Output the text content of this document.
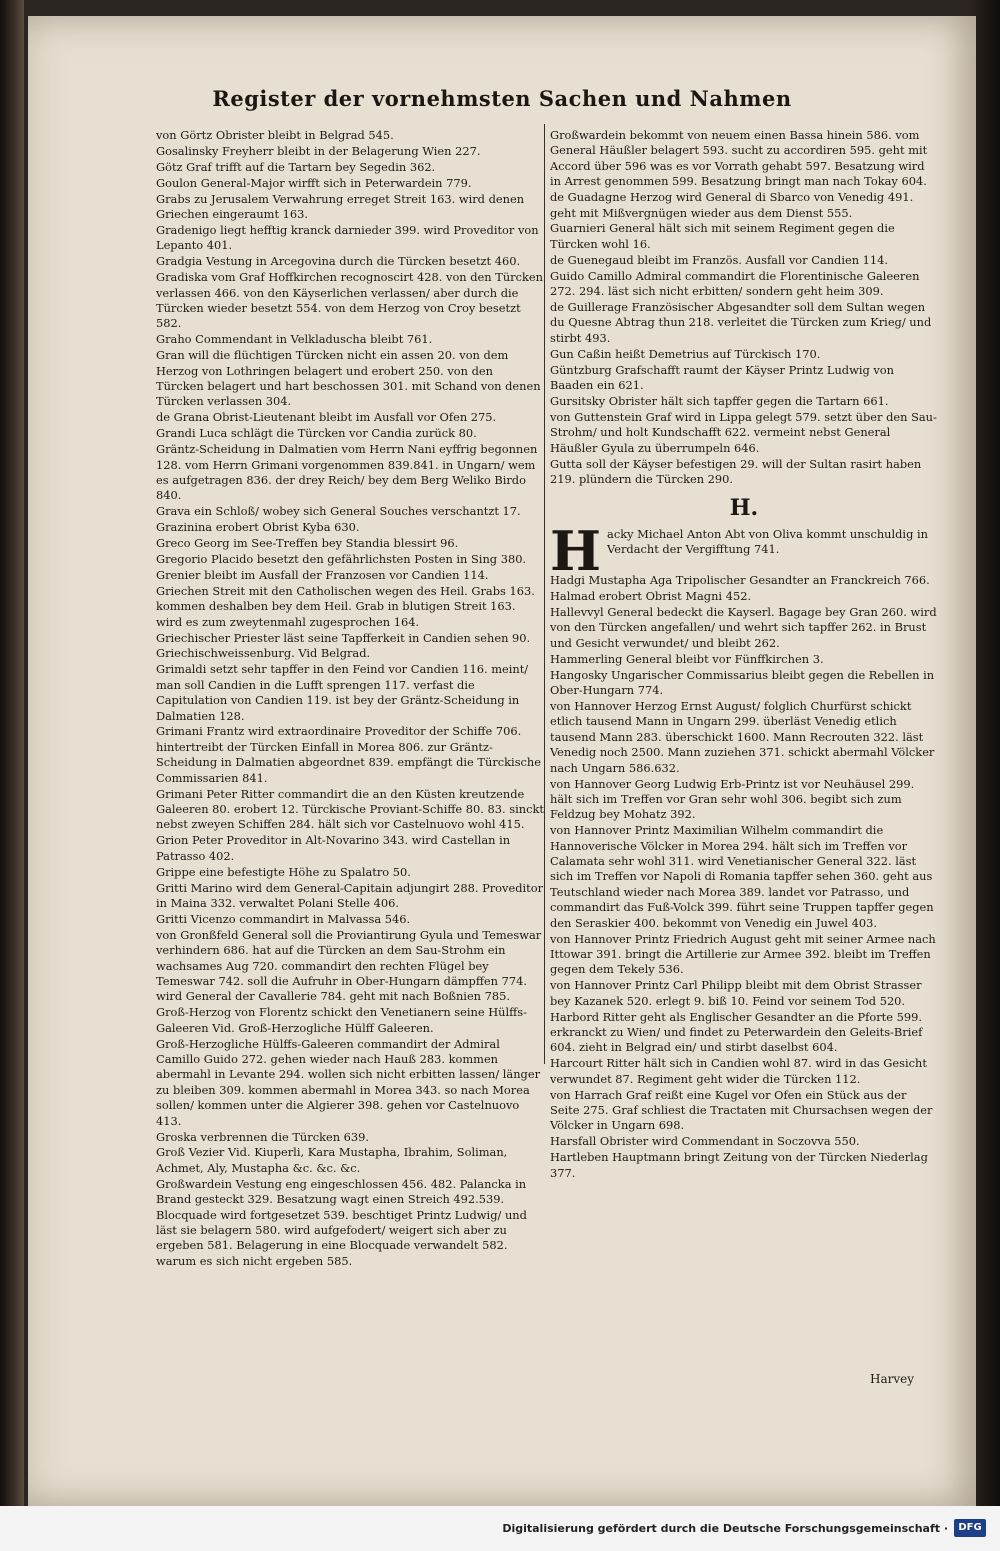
Register der vornehmsten Sachen und Nahmen
von Görtz Obrister bleibt in Belgrad 545.
Gosalinsky Freyherr bleibt in der Belagerung Wien 227.
Götz Graf trifft auf die Tartarn bey Segedin 362.
Goulon General-Major wirfft sich in Peterwardein 779.
Grabs zu Jerusalem Verwahrung erreget Streit 163. wird denen Griechen eingeraumt 163.
Gradenigo liegt hefftig kranck darnieder 399. wird Proveditor von Lepanto 401.
Gradgia Vestung in Arcegovina durch die Türcken besetzt 460.
Gradiska vom Graf Hoffkirchen recognoscirt 428. von den Türcken verlassen 466. von den Käyserlichen verlassen/ aber durch die Türcken wieder besetzt 554. von dem Herzog von Croy besetzt 582.
Graho Commendant in Velkladuscha bleibt 761.
Gran will die flüchtigen Türcken nicht ein assen 20. von dem Herzog von Lothringen belagert und erobert 250. von den Türcken belagert und hart beschossen 301. mit Schand von denen Türcken verlassen 304.
de Grana Obrist-Lieutenant bleibt im Ausfall vor Ofen 275.
Grandi Luca schlägt die Türcken vor Candia zurück 80.
Gräntz-Scheidung in Dalmatien vom Herrn Nani eyffrig begonnen 128. vom Herrn Grimani vorgenommen 839.841. in Ungarn/ wem es aufgetragen 836. der drey Reich/ bey dem Berg Weliko Birdo 840.
Grava ein Schloß/ wobey sich General Souches verschantzt 17.
Grazinina erobert Obrist Kyba 630.
Greco Georg im See-Treffen bey Standia blessirt 96.
Gregorio Placido besetzt den gefährlichsten Posten in Sing 380.
Grenier bleibt im Ausfall der Franzosen vor Candien 114.
Griechen Streit mit den Catholischen wegen des Heil. Grabs 163. kommen deshalben bey dem Heil. Grab in blutigen Streit 163. wird es zum zweytenmahl zugesprochen 164.
Griechischer Priester läst seine Tapfferkeit in Candien sehen 90.
Griechischweissenburg. Vid Belgrad.
Grimaldi setzt sehr tapffer in den Feind vor Candien 116. meint/ man soll Candien in die Lufft sprengen 117. verfast die Capitulation von Candien 119. ist bey der Gräntz-Scheidung in Dalmatien 128.
Grimani Frantz wird extraordinaire Proveditor der Schiffe 706. hintertreibt der Türcken Einfall in Morea 806. zur Gräntz-Scheidung in Dalmatien abgeordnet 839. empfängt die Türckische Commissarien 841.
Grimani Peter Ritter commandirt die an den Küsten kreutzende Galeeren 80. erobert 12. Türckische Proviant-Schiffe 80. 83. sinckt nebst zweyen Schiffen 284. hält sich vor Castelnuovo wohl 415.
Grion Peter Proveditor in Alt-Novarino 343. wird Castellan in Patrasso 402.
Grippe eine befestigte Höhe zu Spalatro 50.
Gritti Marino wird dem General-Capitain adjungirt 288. Proveditor in Maina 332. verwaltet Polani Stelle 406.
Gritti Vicenzo commandirt in Malvassa 546.
von Gronßfeld General soll die Proviantirung Gyula und Temeswar verhindern 686. hat auf die Türcken an dem Sau-Strohm ein wachsames Aug 720. commandirt den rechten Flügel bey Temeswar 742. soll die Aufruhr in Ober-Hungarn dämpffen 774. wird General der Cavallerie 784. geht mit nach Boßnien 785.
Groß-Herzog von Florentz schickt den Venetianern seine Hülffs-Galeeren Vid. Groß-Herzogliche Hülff Galeeren.
Groß-Herzogliche Hülffs-Galeeren commandirt der Admiral Camillo Guido 272. gehen wieder nach Hauß 283. kommen abermahl in Levante 294. wollen sich nicht erbitten lassen/ länger zu bleiben 309. kommen abermahl in Morea 343. so nach Morea sollen/ kommen unter die Algierer 398. gehen vor Castelnuovo 413.
Groska verbrennen die Türcken 639.
Groß Vezier Vid. Kiuperli, Kara Mustapha, Ibrahim, Soliman, Achmet, Aly, Mustapha &c. &c. &c.
Großwardein Vestung eng eingeschlossen 456. 482. Palancka in Brand gesteckt 329. Besatzung wagt einen Streich 492.539. Blocquade wird fortgesetzet 539. beschtiget Printz Ludwig/ und läst sie belagern 580. wird aufgefodert/ weigert sich aber zu ergeben 581. Belagerung in eine Blocquade verwandelt 582. warum es sich nicht ergeben 585.
Großwardein bekommt von neuem einen Bassa hinein 586. vom General Häußler belagert 593. sucht zu accordiren 595. geht mit Accord über 596 was es vor Vorrath gehabt 597. Besatzung wird in Arrest genommen 599. Besatzung bringt man nach Tokay 604.
de Guadagne Herzog wird General di Sbarco von Venedig 491. geht mit Mißvergnügen wieder aus dem Dienst 555.
Guarnieri General hält sich mit seinem Regiment gegen die Türcken wohl 16.
de Guenegaud bleibt im Französ. Ausfall vor Candien 114.
Guido Camillo Admiral commandirt die Florentinische Galeeren 272. 294. läst sich nicht erbitten/ sondern geht heim 309.
de Guillerage Französischer Abgesandter soll dem Sultan wegen du Quesne Abtrag thun 218. verleitet die Türcken zum Krieg/ und stirbt 493.
Gun Caßin heißt Demetrius auf Türckisch 170.
Güntzburg Grafschafft raumt der Käyser Printz Ludwig von Baaden ein 621.
Gursitsky Obrister hält sich tapffer gegen die Tartarn 661.
von Guttenstein Graf wird in Lippa gelegt 579. setzt über den Sau-Strohm/ und holt Kundschafft 622. vermeint nebst General Häußler Gyula zu überrumpeln 646.
Gutta soll der Käyser befestigen 29. will der Sultan rasirt haben 219. plündern die Türcken 290.
H.
H acky Michael Anton Abt von Oliva kommt unschuldig in Verdacht der Vergifftung 741.
Hadgi Mustapha Aga Tripolischer Gesandter an Franckreich 766.
Halmad erobert Obrist Magni 452.
Hallevvyl General bedeckt die Kayserl. Bagage bey Gran 260. wird von den Türcken angefallen/ und wehrt sich tapffer 262. in Brust und Gesicht verwundet/ und bleibt 262.
Hammerling General bleibt vor Fünffkirchen 3.
Hangosky Ungarischer Commissarius bleibt gegen die Rebellen in Ober-Hungarn 774.
von Hannover Herzog Ernst August/ folglich Churfürst schickt etlich tausend Mann in Ungarn 299. überläst Venedig etlich tausend Mann 283. überschickt 1600. Mann Recrouten 322. läst Venedig noch 2500. Mann zuziehen 371. schickt abermahl Völcker nach Ungarn 586.632.
von Hannover Georg Ludwig Erb-Printz ist vor Neuhäusel 299. hält sich im Treffen vor Gran sehr wohl 306. begibt sich zum Feldzug bey Mohatz 392.
von Hannover Printz Maximilian Wilhelm commandirt die Hannoverische Völcker in Morea 294. hält sich im Treffen vor Calamata sehr wohl 311. wird Venetianischer General 322. läst sich im Treffen vor Napoli di Romania tapffer sehen 360. geht aus Teutschland wieder nach Morea 389. landet vor Patrasso, und commandirt das Fuß-Volck 399. führt seine Truppen tapffer gegen den Seraskier 400. bekommt von Venedig ein Juwel 403.
von Hannover Printz Friedrich August geht mit seiner Armee nach Ittowar 391. bringt die Artillerie zur Armee 392. bleibt im Treffen gegen dem Tekely 536.
von Hannover Printz Carl Philipp bleibt mit dem Obrist Strasser bey Kazanek 520. erlegt 9. biß 10. Feind vor seinem Tod 520.
Harbord Ritter geht als Englischer Gesandter an die Pforte 599. erkranckt zu Wien/ und findet zu Peterwardein den Geleits-Brief 604. zieht in Belgrad ein/ und stirbt daselbst 604.
Harcourt Ritter hält sich in Candien wohl 87. wird in das Gesicht verwundet 87. Regiment geht wider die Türcken 112.
von Harrach Graf reißt eine Kugel vor Ofen ein Stück aus der Seite 275. Graf schliest die Tractaten mit Chursachsen wegen der Völcker in Ungarn 698.
Harsfall Obrister wird Commendant in Soczovva 550.
Hartleben Hauptmann bringt Zeitung von der Türcken Niederlag 377.
Harvey
Digitalisierung gefördert durch die Deutsche Forschungsgemeinschaft ·	DFG
